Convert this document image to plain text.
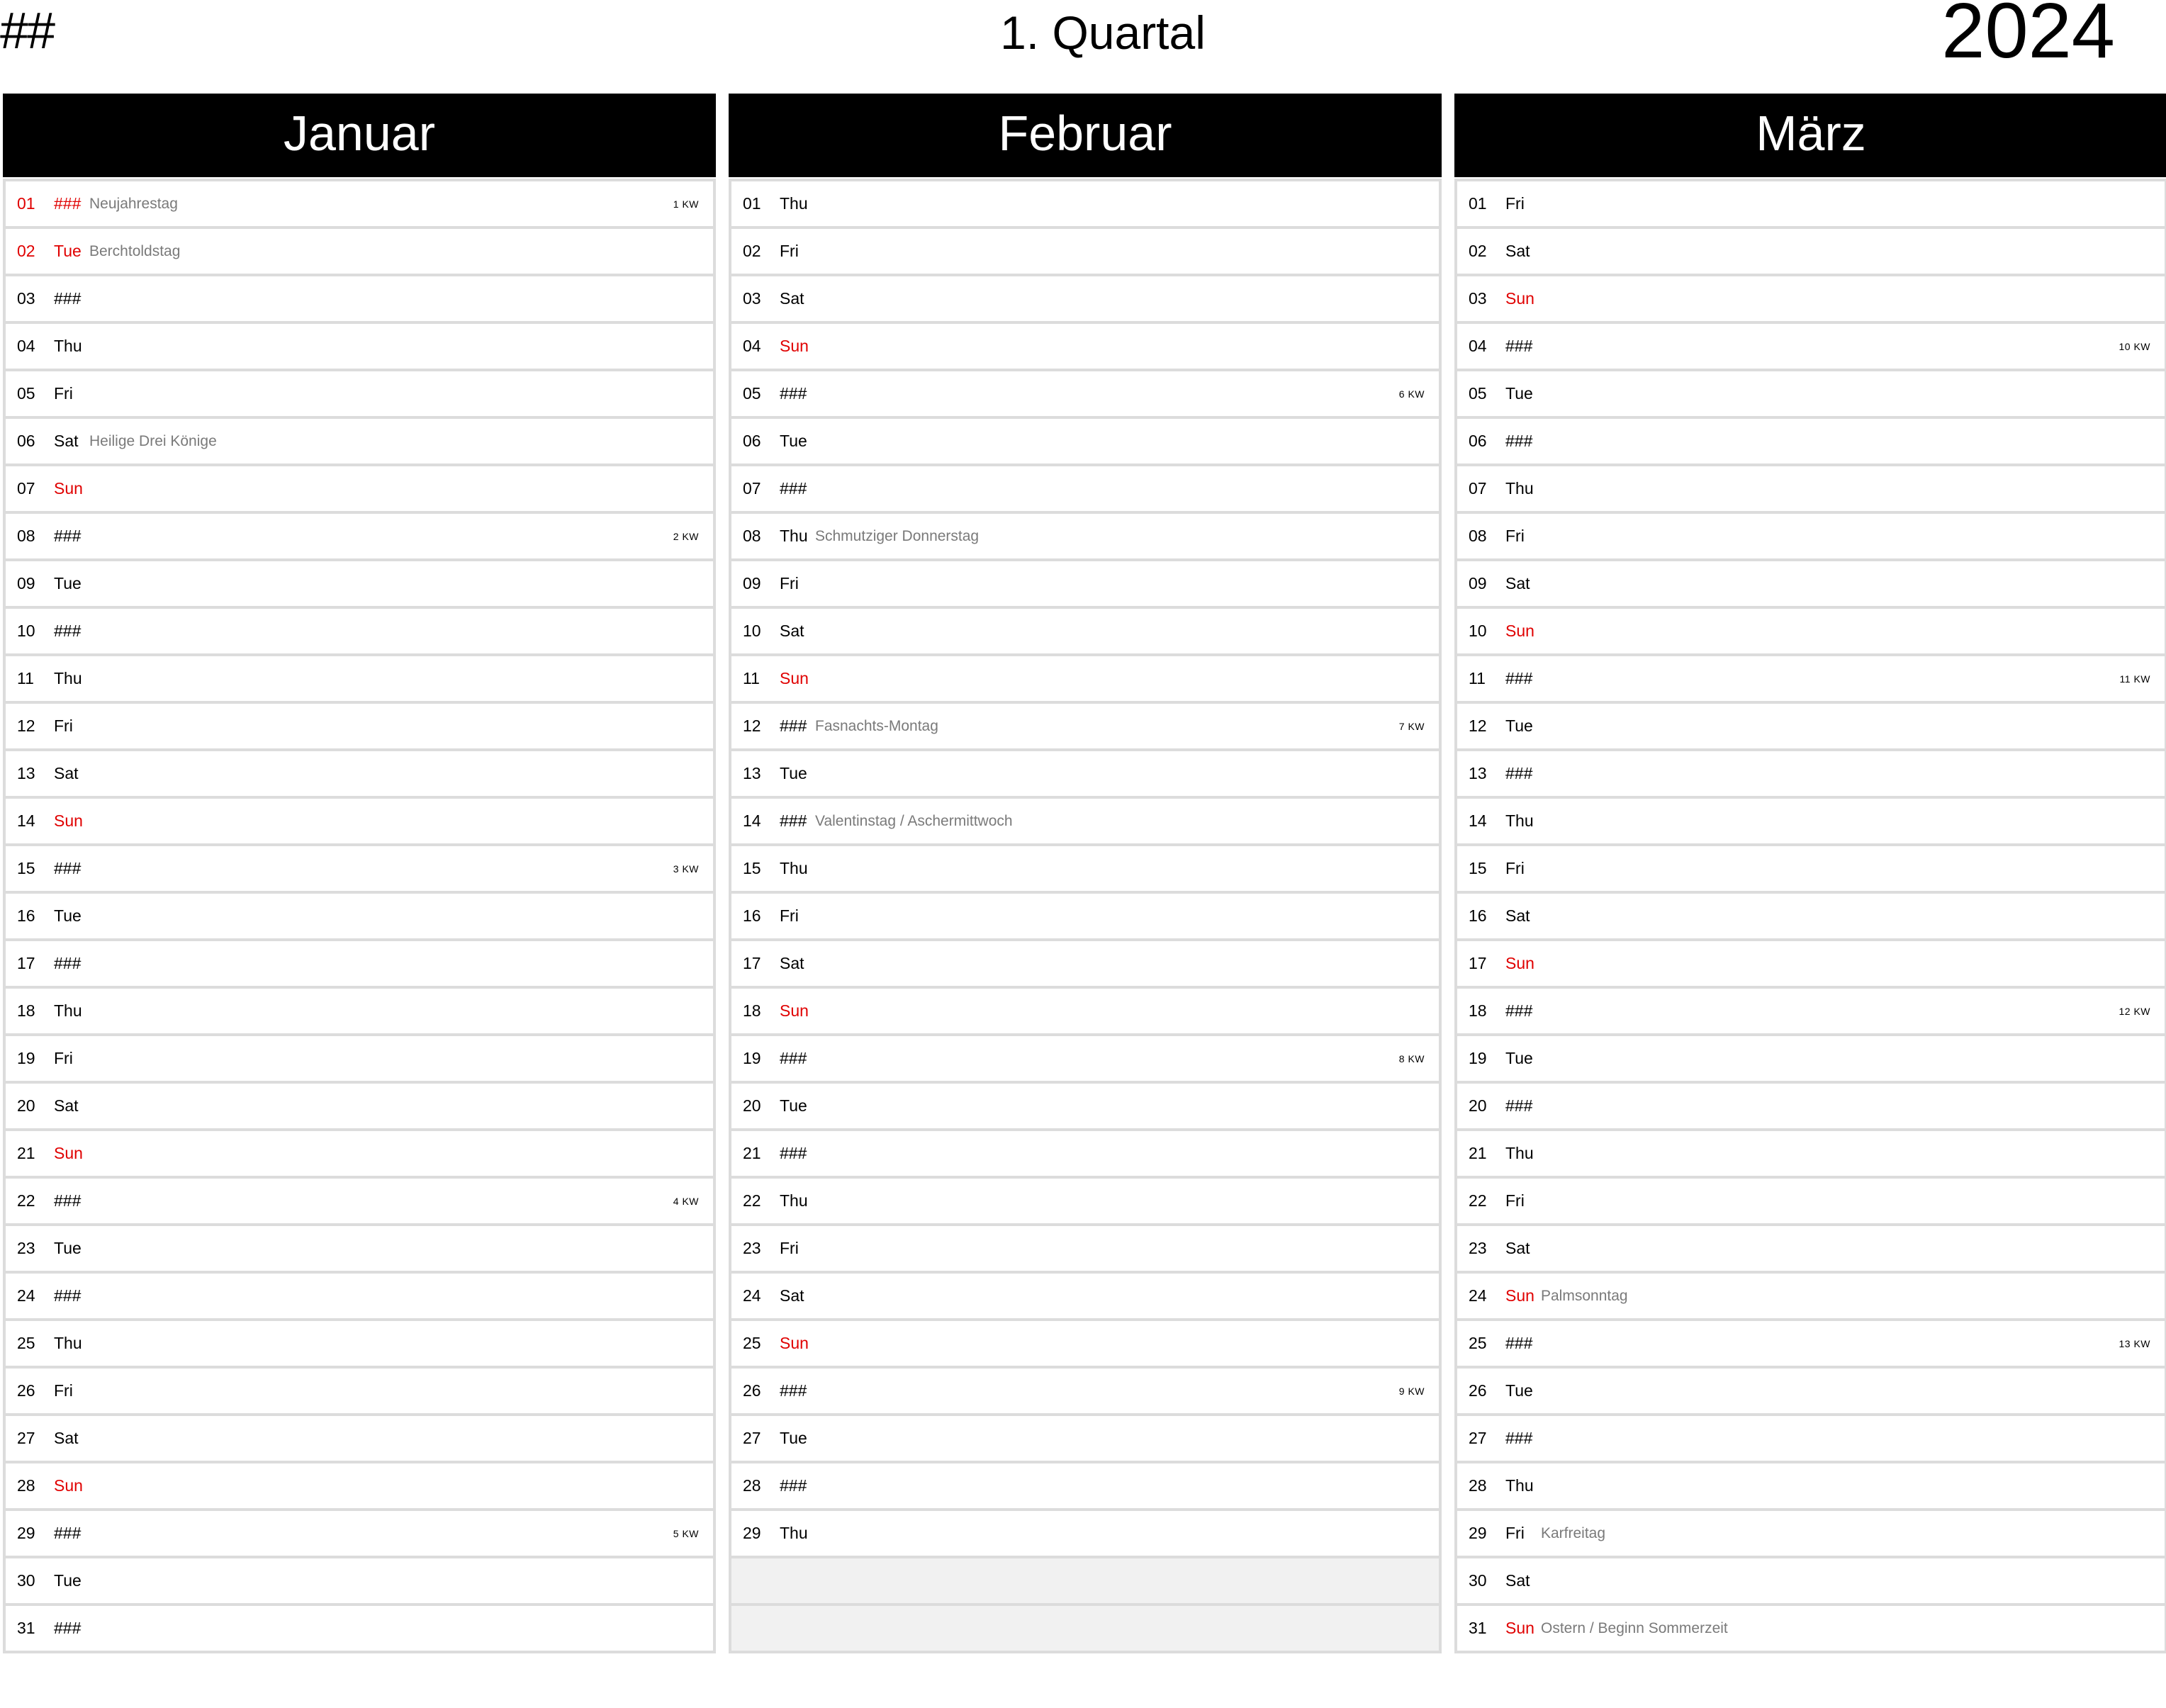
##	1. Quartal	2024
Januar
01	### Neujahrestag	1 KW
02	Tue Berchtoldstag
03	###
04	Thu
05	Fri
06	Sat Heilige Drei Könige
07	Sun
08	###	2 KW
09	Tue
10	###
11	Thu
12	Fri
13	Sat
14	Sun
15	###	3 KW
16	Tue
17	###
18	Thu
19	Fri
20	Sat
21	Sun
22	###	4 KW
23	Tue
24	###
25	Thu
26	Fri
27	Sat
28	Sun
29	###	5 KW
30	Tue
31	###
Februar
01	Thu
02	Fri
03	Sat
04	Sun
05	###	6 KW
06	Tue
07	###
08	Thu Schmutziger Donnerstag
09	Fri
10	Sat
11	Sun
12	### Fasnachts-Montag	7 KW
13	Tue
14	### Valentinstag / Aschermittwoch
15	Thu
16	Fri
17	Sat
18	Sun
19	###	8 KW
20	Tue
21	###
22	Thu
23	Fri
24	Sat
25	Sun
26	###	9 KW
27	Tue
28	###
29	Thu
März
01	Fri
02	Sat
03	Sun
04	###	10 KW
05	Tue
06	###
07	Thu
08	Fri
09	Sat
10	Sun
11	###	11 KW
12	Tue
13	###
14	Thu
15	Fri
16	Sat
17	Sun
18	###	12 KW
19	Tue
20	###
21	Thu
22	Fri
23	Sat
24	Sun Palmsonntag
25	###	13 KW
26	Tue
27	###
28	Thu
29	Fri	Karfreitag
30	Sat
31	Sun Ostern / Beginn Sommerzeit
